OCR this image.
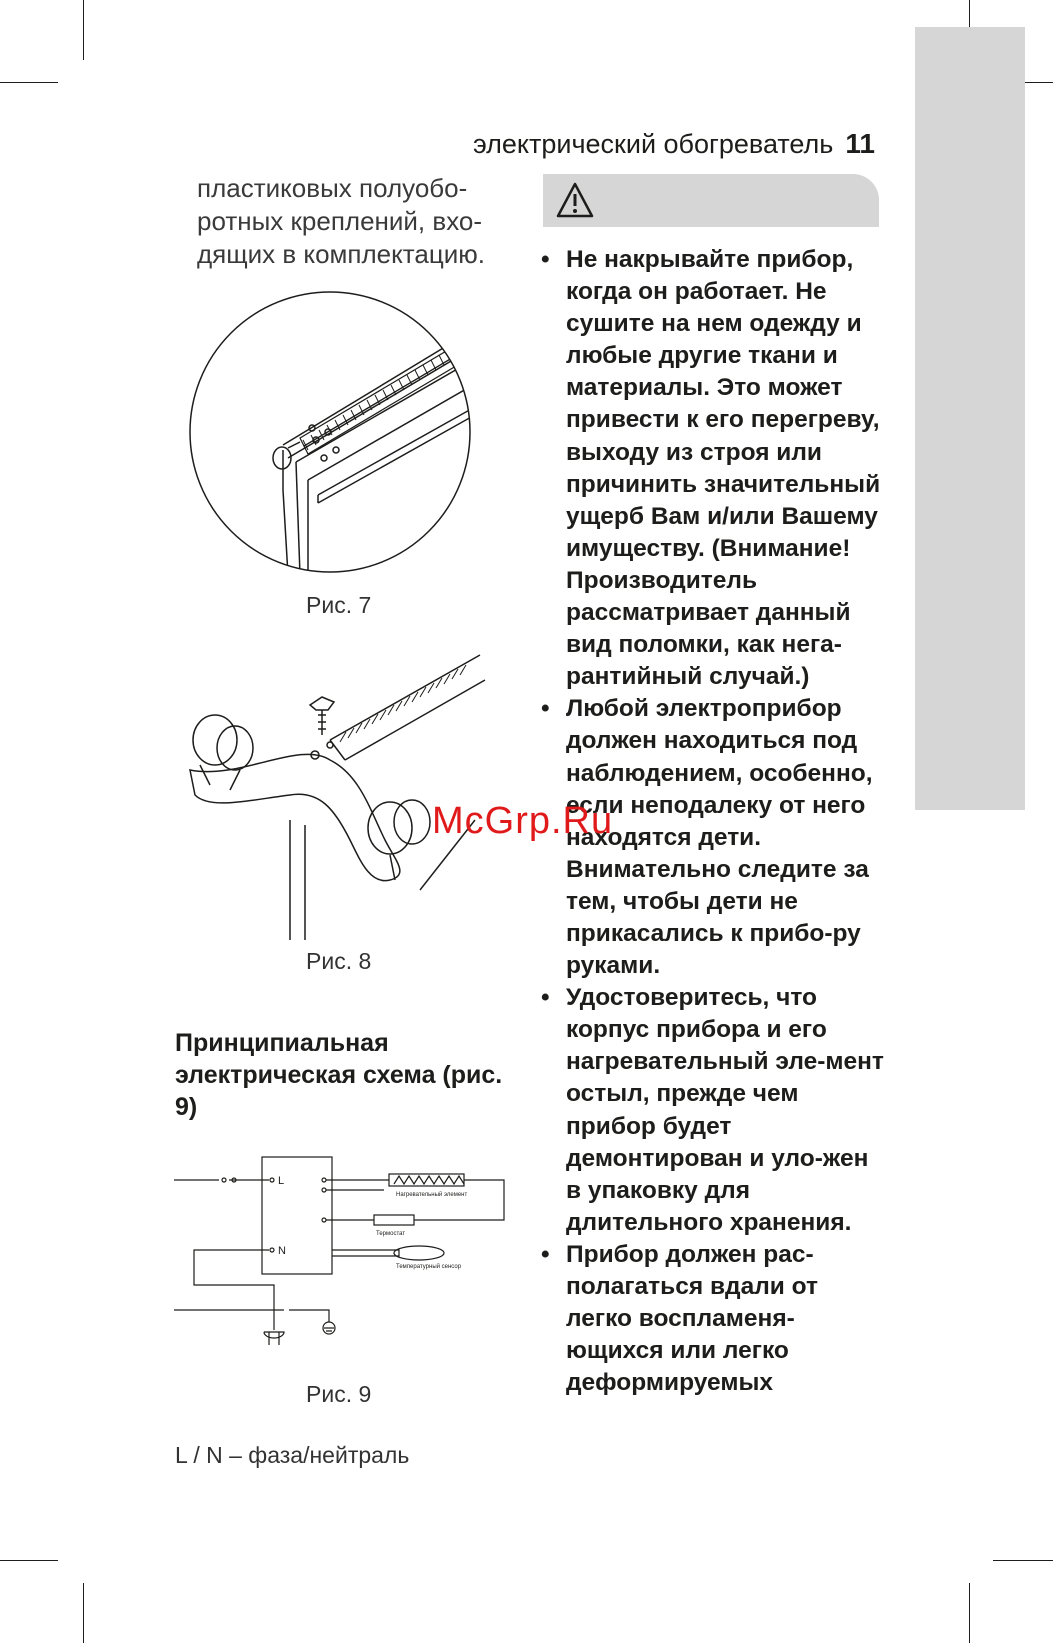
электрический обогреватель 11
пластиковых полуобо-ротных креплений, вхо-дящих в комплектацию.
Рис. 7
Рис. 8
Принципиальная электрическая схема (рис. 9)
L
N
Нагревательный элемент
Термостат
Температурный сенсор
Рис. 9
L / N – фаза/нейтраль
• Не накрывайте прибор, когда он работает. Не сушите на нем одежду и любые другие ткани и материалы. Это может привести к его перегреву, выходу из строя или причинить значительный ущерб Вам и/или Вашему имуществу. (Внимание! Производитель рассматривает данный вид поломки, как нега-рантийный случай.)
• Любой электроприбор должен находиться под наблюдением, особенно, если неподалеку от него находятся дети. Внимательно следите за тем, чтобы дети не прикасались к прибо-ру руками.
• Удостоверитесь, что корпус прибора и его нагревательный эле-мент остыл, прежде чем прибор будет демонтирован и уло-жен в упаковку для длительного хранения.
• Прибор должен рас-полагаться вдали от легко воспламеня-ющихся или легко деформируемых
McGrp.Ru
